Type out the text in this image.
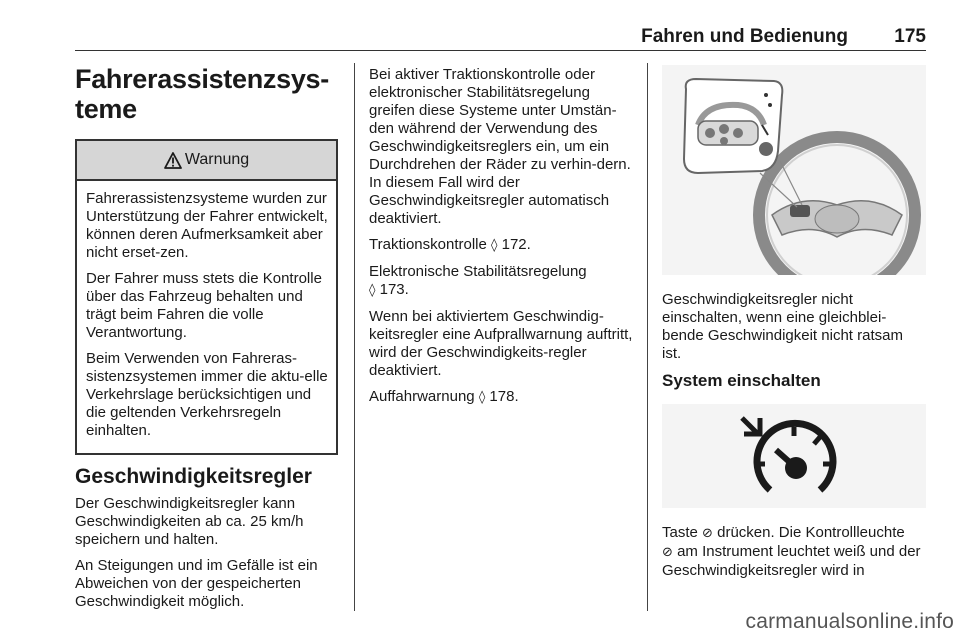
Fahren und Bedienung 175
Fahrerassistenzsys-
teme
Warnung

Fahrerassistenzsysteme wurden zur Unterstützung der Fahrer entwickelt, können deren Aufmerksamkeit aber nicht erset-zen.

Der Fahrer muss stets die Kontrolle über das Fahrzeug behalten und trägt beim Fahren die volle Verantwortung.

Beim Verwenden von Fahreras-sistenzsystemen immer die aktu-elle Verkehrslage berücksichtigen und die geltenden Verkehrsregeln einhalten.

Geschwindigkeitsregler

Der Geschwindigkeitsregler kann Geschwindigkeiten ab ca. 25 km/h speichern und halten.

An Steigungen und im Gefälle ist ein Abweichen von der gespeicherten Geschwindigkeit möglich.

Bei aktiver Traktionskontrolle oder elektronischer Stabilitätsregelung greifen diese Systeme unter Umstän-den während der Verwendung des Geschwindigkeitsreglers ein, um ein Durchdrehen der Räder zu verhin-dern. In diesem Fall wird der Geschwindigkeitsregler automatisch deaktiviert.

Traktionskontrolle ◊ 172.

Elektronische Stabilitätsregelung
◊ 173.

Wenn bei aktiviertem Geschwindig-keitsregler eine Aufprallwarnung auftritt, wird der Geschwindigkeits-regler deaktiviert.

Auffahrwarnung ◊ 178.

Geschwindigkeitsregler nicht einschalten, wenn eine gleichblei-bende Geschwindigkeit nicht ratsam ist.

System einschalten

Taste ⊘ drücken. Die Kontrollleuchte
⊘ am Instrument leuchtet weiß und der Geschwindigkeitsregler wird in

carmanualsonline.info
